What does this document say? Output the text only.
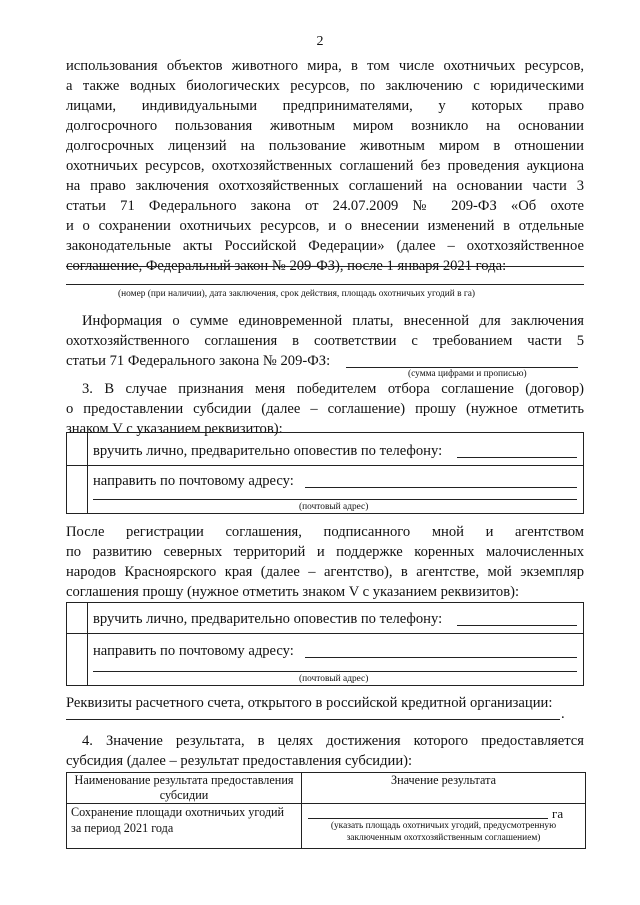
2
использования объектов животного мира, в том числе охотничьих ресурсов,
а также водных биологических ресурсов, по заключению с юридическими
лицами, индивидуальными предпринимателями, у которых право
долгосрочного пользования животным миром возникло на основании
долгосрочных лицензий на пользование животным миром в отношении
охотничьих ресурсов, охотхозяйственных соглашений без проведения аукциона
на право заключения охотхозяйственных соглашений на основании части 3
статьи 71 Федерального закона от 24.07.2009 № 209-ФЗ «Об охоте
и о сохранении охотничьих ресурсов, и о внесении изменений в отдельные
законодательные акты Российской Федерации» (далее – охотхозяйственное
соглашение, Федеральный закон № 209-ФЗ), после 1 января 2021 года:
(номер (при наличии), дата заключения, срок действия, площадь охотничьих угодий в га)
Информация о сумме единовременной платы, внесенной для заключения
охотхозяйственного соглашения в соответствии с требованием части 5
статьи 71 Федерального закона № 209-ФЗ:
(сумма цифрами и прописью)
3. В случае признания меня победителем отбора соглашение (договор)
о предоставлении субсидии (далее – соглашение) прошу (нужное отметить
знаком V с указанием реквизитов):
вручить лично, предварительно оповестив по телефону:
направить по почтовому адресу:
(почтовый адрес)
После регистрации соглашения, подписанного мной и агентством
по развитию северных территорий и поддержке коренных малочисленных
народов Красноярского края (далее – агентство), в агентстве, мой экземпляр
соглашения прошу (нужное отметить знаком V с указанием реквизитов):
вручить лично, предварительно оповестив по телефону:
направить по почтовому адресу:
(почтовый адрес)
Реквизиты расчетного счета, открытого в российской кредитной организации:
.
4. Значение результата, в целях достижения которого предоставляется
субсидия (далее – результат предоставления субсидии):
Наименование результата предоставления субсидии	Значение результата
Сохранение площади охотничьих угодий за период 2021 года	га
(указать площадь охотничьих угодий, предусмотренную заключенным охотхозяйственным соглашением)
